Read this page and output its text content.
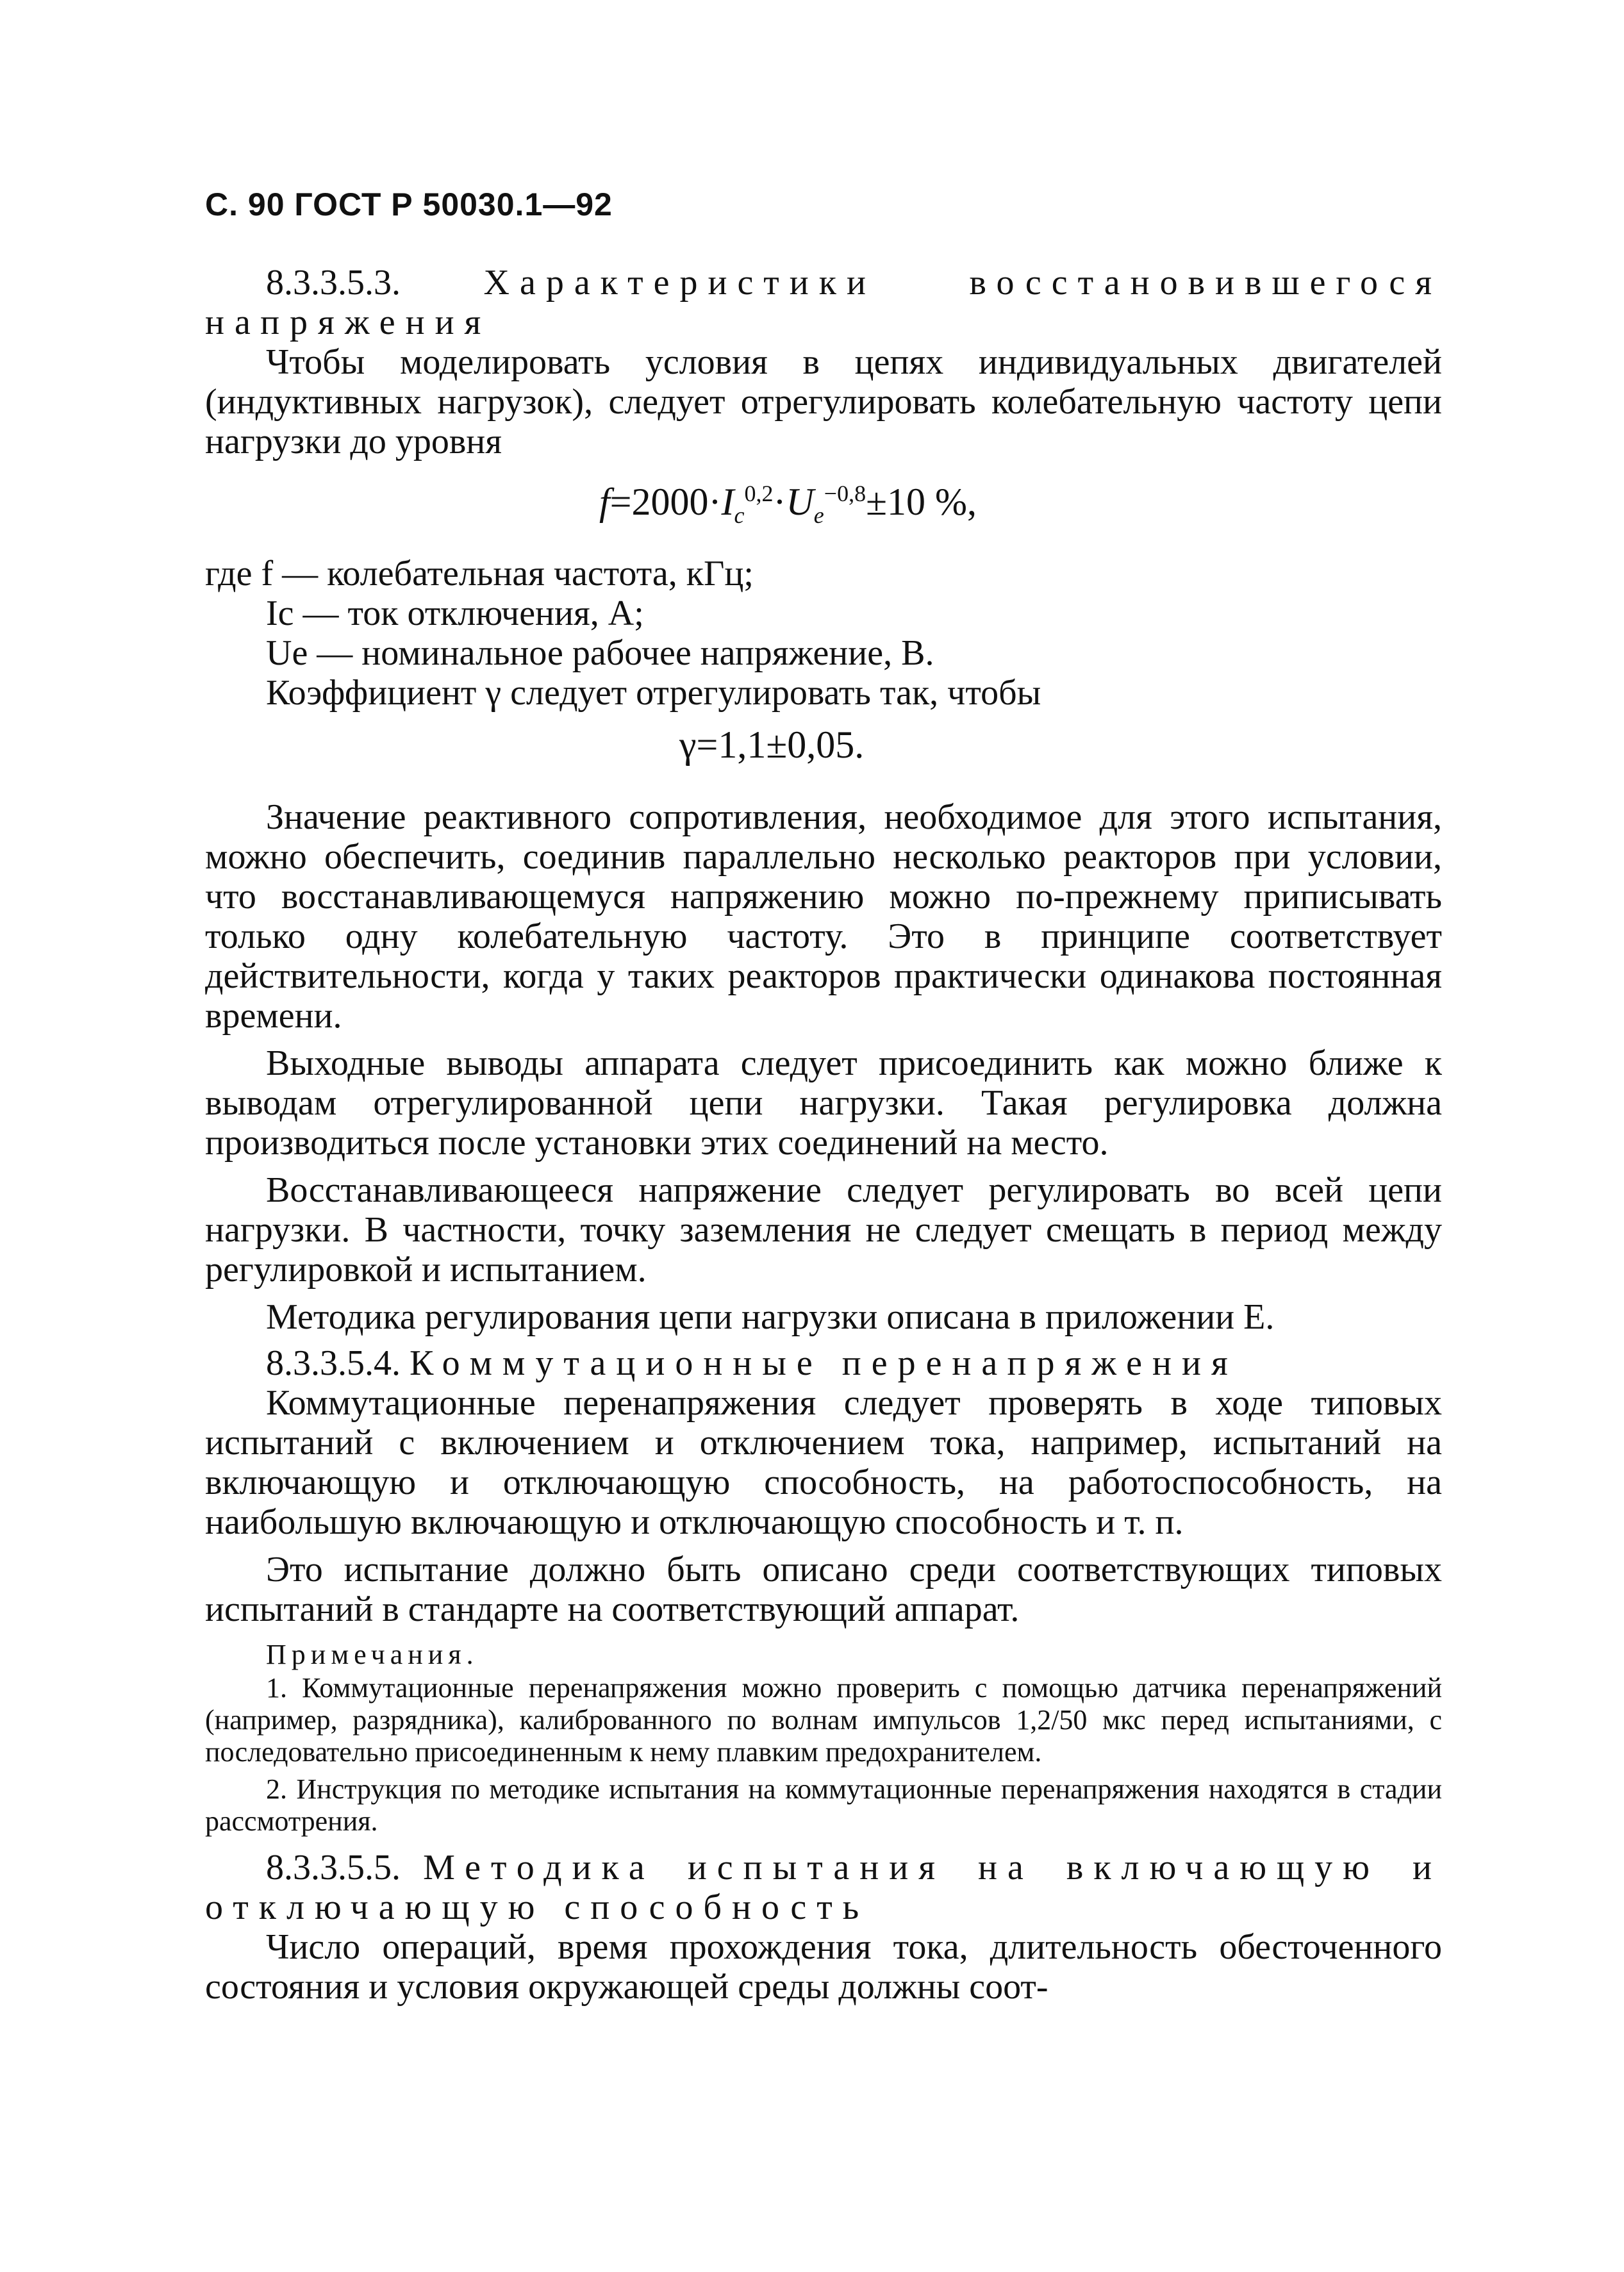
С. 90 ГОСТ Р 50030.1—92

8.3.3.5.3. Характеристики восстановившегося напряжения

Чтобы моделировать условия в цепях индивидуальных двигателей (индуктивных нагрузок), следует отрегулировать колебательную частоту цепи нагрузки до уровня

$f=2000\cdot I_c^{0,2}\cdot U_e^{-0,8}\pm 10$ %,

где f — колебательная частота, кГц;

Ic — ток отключения, А;

Ue — номинальное рабочее напряжение, В.

Коэффициент γ следует отрегулировать так, чтобы

γ=1,1±0,05.

Значение реактивного сопротивления, необходимое для этого испытания, можно обеспечить, соединив параллельно несколько реакторов при условии, что восстанавливающемуся напряжению можно по-прежнему приписывать только одну колебательную частоту. Это в принципе соответствует действительности, когда у таких реакторов практически одинакова постоянная времени.

Выходные выводы аппарата следует присоединить как можно ближе к выводам отрегулированной цепи нагрузки. Такая регулировка должна производиться после установки этих соединений на место.

Восстанавливающееся напряжение следует регулировать во всей цепи нагрузки. В частности, точку заземления не следует смещать в период между регулировкой и испытанием.

Методика регулирования цепи нагрузки описана в приложении Е.

8.3.3.5.4. Коммутационные перенапряжения

Коммутационные перенапряжения следует проверять в ходе типовых испытаний с включением и отключением тока, например, испытаний на включающую и отключающую способность, на работоспособность, на наибольшую включающую и отключающую способность и т. п.

Это испытание должно быть описано среди соответствующих типовых испытаний в стандарте на соответствующий аппарат.

Примечания.

1. Коммутационные перенапряжения можно проверить с помощью датчика перенапряжений (например, разрядника), калиброванного по волнам импульсов 1,2/50 мкс перед испытаниями, с последовательно присоединенным к нему плавким предохранителем.

2. Инструкция по методике испытания на коммутационные перенапряжения находятся в стадии рассмотрения.

8.3.3.5.5. Методика испытания на включающую и отключающую способность

Число операций, время прохождения тока, длительность обесточенного состояния и условия окружающей среды должны соот-
